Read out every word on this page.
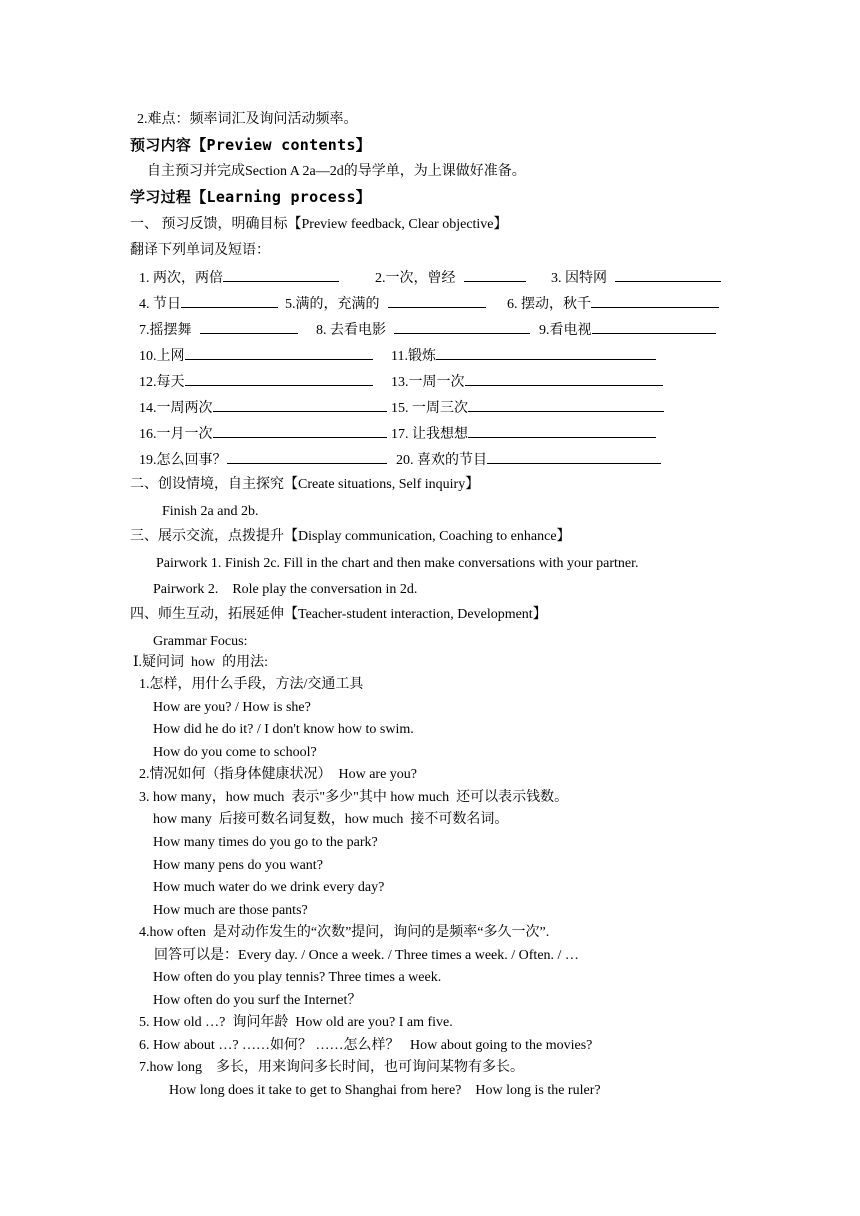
2.难点：频率词汇及询问活动频率。
预习内容【Preview contents】
自主预习并完成Section A 2a—2d的导学单，为上课做好准备。
学习过程【Learning process】
一、 预习反馈，明确目标【Preview feedback, Clear objective】
翻译下列单词及短语：
1. 两次，两倍	2.一次，曾经	3. 因特网
4. 节日	5.满的，充满的	6. 摆动，秋千
7.摇摆舞	8. 去看电影	9.看电视
10.上网	11.锻炼
12.每天	13.一周一次
14.一周两次	15. 一周三次
16.一月一次	17. 让我想想
19.怎么回事？	20. 喜欢的节目
二、创设情境，自主探究【Create situations, Self inquiry】
Finish 2a and 2b.
三、展示交流，点拨提升【Display communication, Coaching to enhance】
Pairwork 1. Finish 2c. Fill in the chart and then make conversations with your partner.
Pairwork 2.    Role play the conversation in 2d.
四、师生互动，拓展延伸【Teacher-student interaction, Development】
Grammar Focus:
Ⅰ.疑问词  how  的用法:
1.怎样，用什么手段，方法/交通工具
How are you? / How is she?
How did he do it? / I don't know how to swim.
How do you come to school?
2.情况如何（指身体健康状况）  How are you?
3. how many，how much  表示"多少"其中 how much  还可以表示钱数。
how many  后接可数名词复数，how much  接不可数名词。
How many times do you go to the park?
How many pens do you want?
How much water do we drink every day?
How much are those pants?
4.how often  是对动作发生的“次数”提问，询问的是频率“多久一次”.
回答可以是：Every day. / Once a week. / Three times a week. / Often. / …
How often do you play tennis? Three times a week.
How often do you surf the Internet？
5. How old …?  询问年龄  How old are you? I am five.
6. How about …? ……如何？ ……怎么样？   How about going to the movies?
7.how long    多长，用来询问多长时间，也可询问某物有多长。
How long does it take to get to Shanghai from here?    How long is the ruler?
